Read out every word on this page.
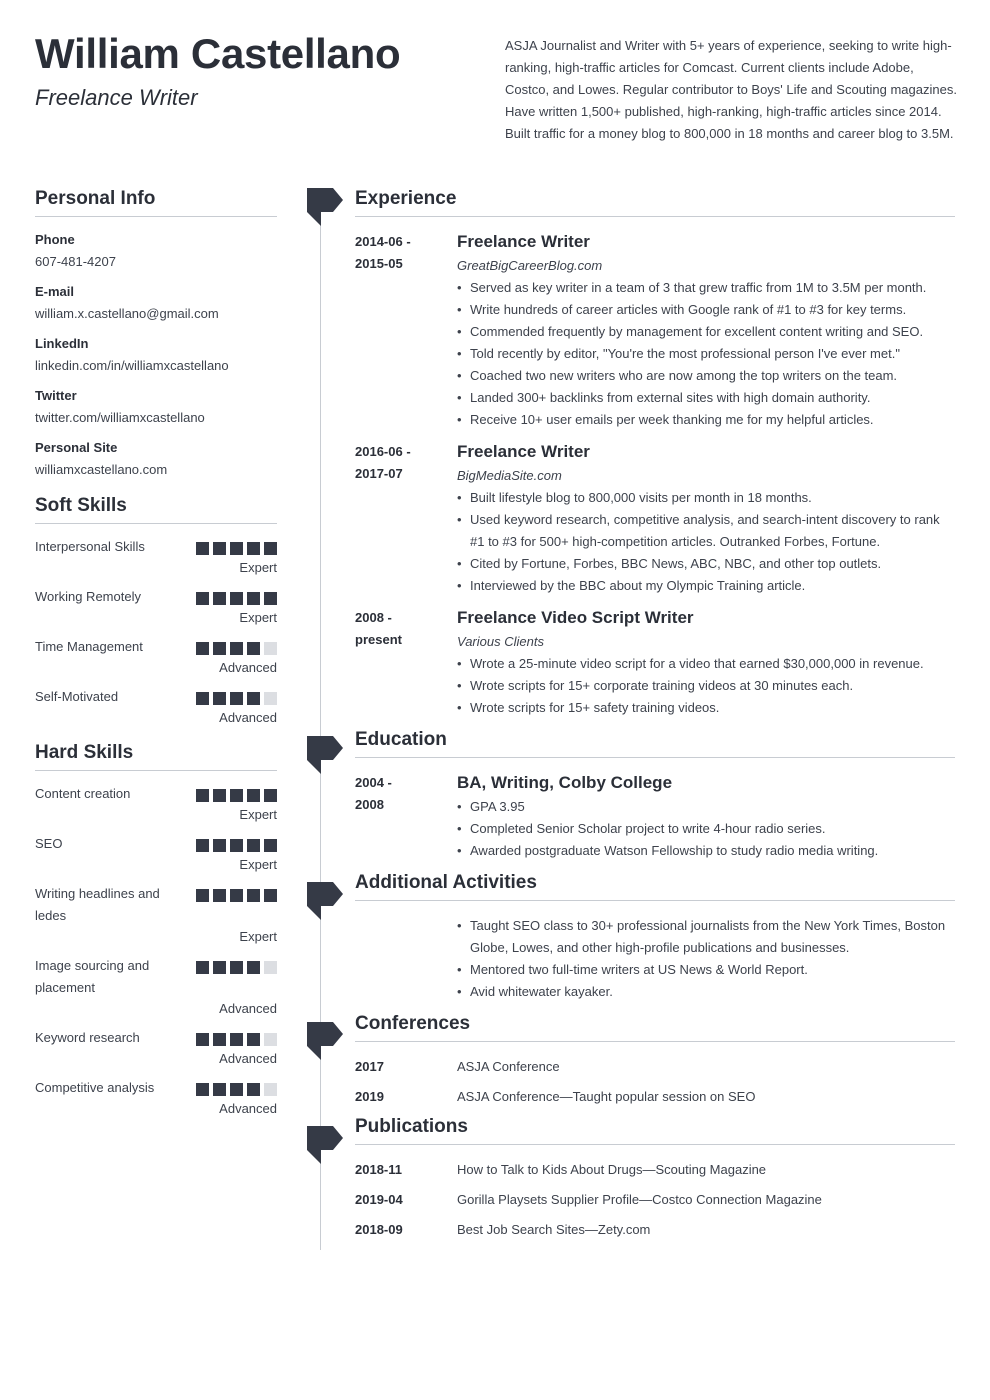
William Castellano
Freelance Writer
ASJA Journalist and Writer with 5+ years of experience, seeking to write high-ranking, high-traffic articles for Comcast. Current clients include Adobe, Costco, and Lowes. Regular contributor to Boys' Life and Scouting magazines. Have written 1,500+ published, high-ranking, high-traffic articles since 2014. Built traffic for a money blog to 800,000 in 18 months and career blog to 3.5M.
Personal Info
Phone
607-481-4207
E-mail
william.x.castellano@gmail.com
LinkedIn
linkedin.com/in/williamxcastellano
Twitter
twitter.com/williamxcastellano
Personal Site
williamxcastellano.com
Soft Skills
Interpersonal Skills
Expert
Working Remotely
Expert
Time Management
Advanced
Self-Motivated
Advanced
Hard Skills
Content creation
Expert
SEO
Expert
Writing headlines and ledes
Expert
Image sourcing and placement
Advanced
Keyword research
Advanced
Competitive analysis
Advanced
Experience
2014-06 -
2015-05
Freelance Writer
GreatBigCareerBlog.com
• Served as key writer in a team of 3 that grew traffic from 1M to 3.5M per month.
• Write hundreds of career articles with Google rank of #1 to #3 for key terms.
• Commended frequently by management for excellent content writing and SEO.
• Told recently by editor, "You're the most professional person I've ever met."
• Coached two new writers who are now among the top writers on the team.
• Landed 300+ backlinks from external sites with high domain authority.
• Receive 10+ user emails per week thanking me for my helpful articles.
2016-06 -
2017-07
Freelance Writer
BigMediaSite.com
• Built lifestyle blog to 800,000 visits per month in 18 months.
• Used keyword research, competitive analysis, and search-intent discovery to rank #1 to #3 for 500+ high-competition articles. Outranked Forbes, Fortune.
• Cited by Fortune, Forbes, BBC News, ABC, NBC, and other top outlets.
• Interviewed by the BBC about my Olympic Training article.
2008 -
present
Freelance Video Script Writer
Various Clients
• Wrote a 25-minute video script for a video that earned $30,000,000 in revenue.
• Wrote scripts for 15+ corporate training videos at 30 minutes each.
• Wrote scripts for 15+ safety training videos.
Education
2004 -
2008
BA, Writing, Colby College
• GPA 3.95
• Completed Senior Scholar project to write 4-hour radio series.
• Awarded postgraduate Watson Fellowship to study radio media writing.
Additional Activities
• Taught SEO class to 30+ professional journalists from the New York Times, Boston Globe, Lowes, and other high-profile publications and businesses.
• Mentored two full-time writers at US News & World Report.
• Avid whitewater kayaker.
Conferences
2017	ASJA Conference
2019	ASJA Conference—Taught popular session on SEO
Publications
2018-11	How to Talk to Kids About Drugs—Scouting Magazine
2019-04	Gorilla Playsets Supplier Profile—Costco Connection Magazine
2018-09	Best Job Search Sites—Zety.com
